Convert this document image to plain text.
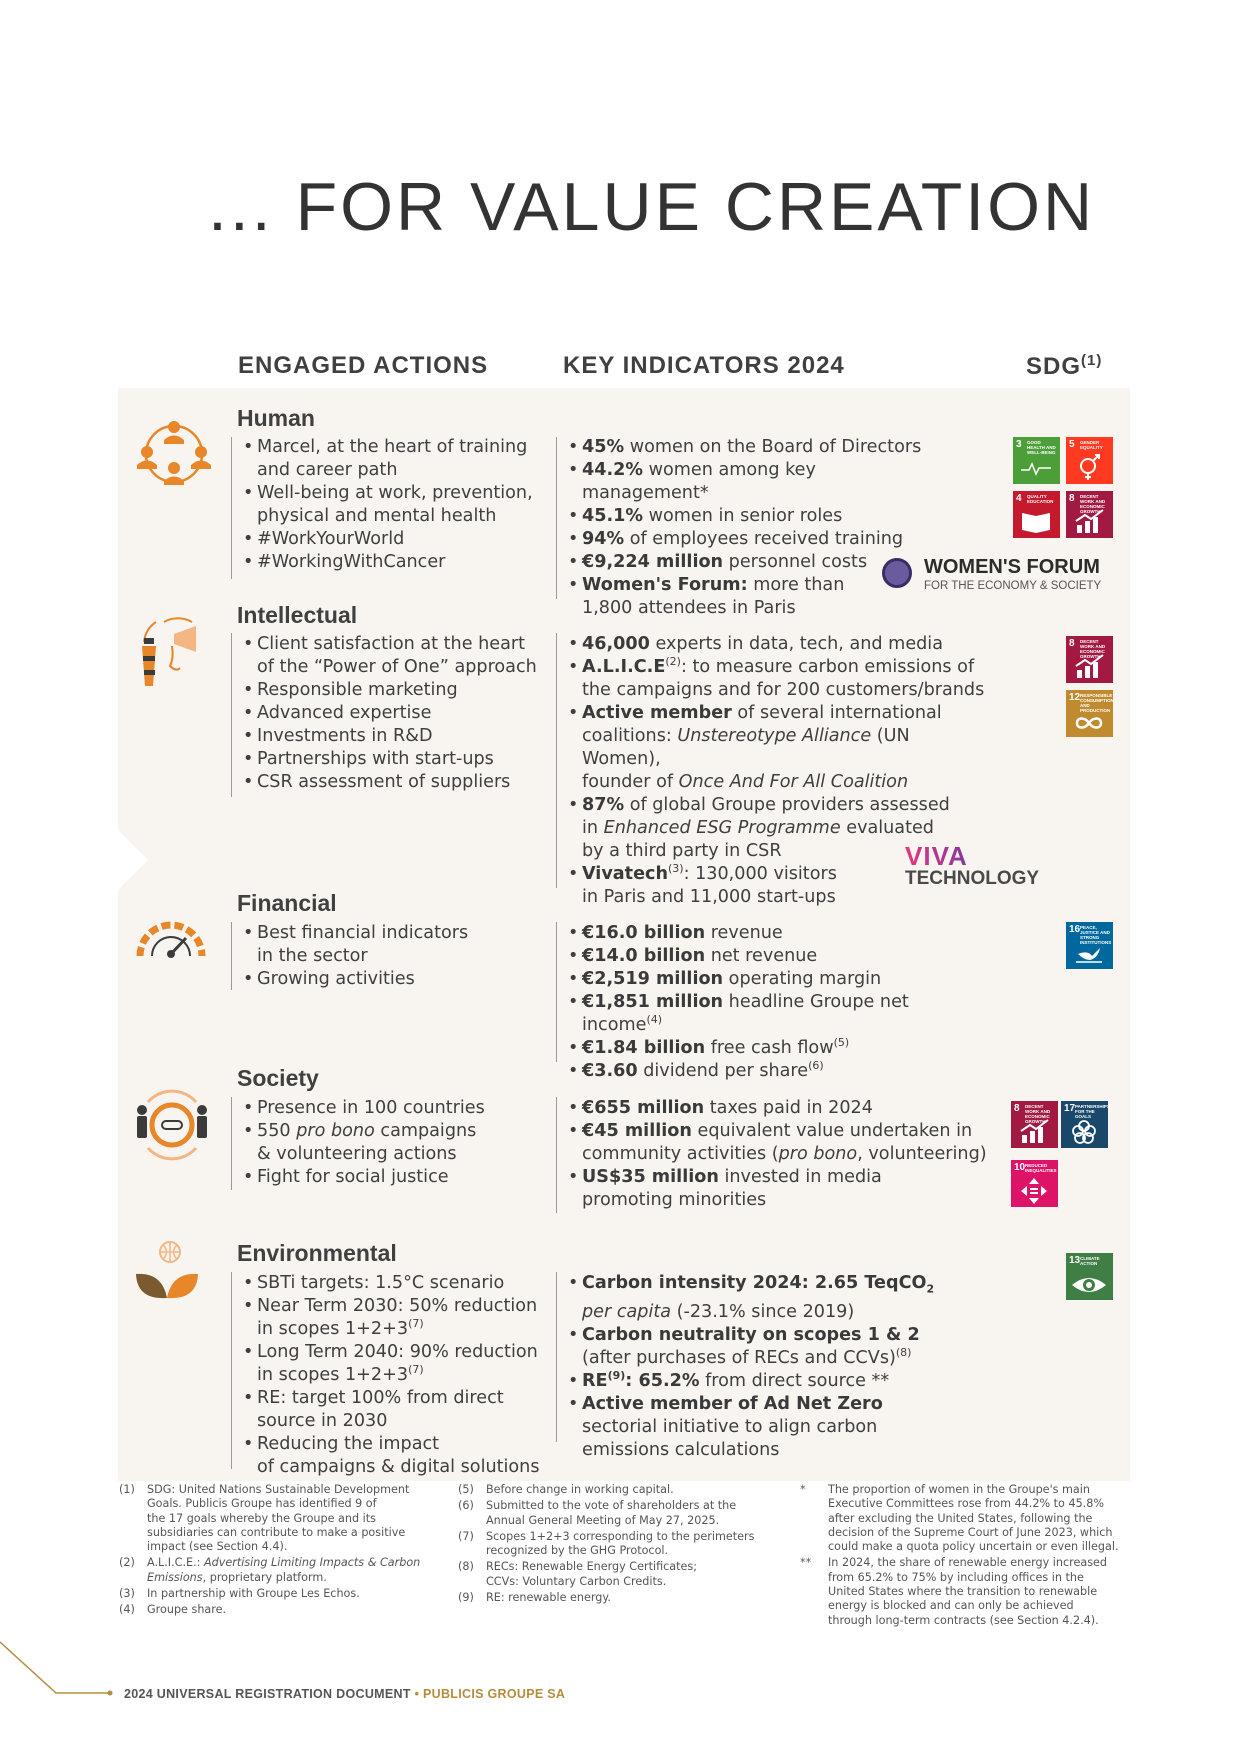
... FOR VALUE CREATION
ENGAGED ACTIONS	KEY INDICATORS 2024	SDG$^{(1)}$
Human
• Marcel, at the heart of training
and career path
• Well-being at work, prevention,
physical and mental health
• #WorkYourWorld
• #WorkingWithCancer
• 45% women on the Board of Directors
• 44.2% women among key management*
• 45.1% women in senior roles
• 94% of employees received training
• €9,224 million personnel costs
• Women's Forum: more than
1,800 attendees in Paris
WOMEN'S FORUM
FOR THE ECONOMY & SOCIETY
Intellectual
• Client satisfaction at the heart
of the “Power of One” approach
• Responsible marketing
• Advanced expertise
• Investments in R&D
• Partnerships with start-ups
• CSR assessment of suppliers
• 46,000 experts in data, tech, and media
• $A.L.I.C.E^{(2)}$: to measure carbon emissions of
the campaigns and for 200 customers/brands
• Active member of several international
coalitions: Unstereotype Alliance (UN Women),
founder of Once And For All Coalition
• 87% of global Groupe providers assessed
in Enhanced ESG Programme evaluated
by a third party in CSR
• Vivatech$^{(3)}$: 130,000 visitors
in Paris and 11,000 start-ups
VIVA
TECHNOLOGY
Financial
• Best financial indicators
in the sector
• Growing activities
• €16.0 billion revenue
• €14.0 billion net revenue
• €2,519 million operating margin
• €1,851 million headline Groupe net income$^{(4)}$
• €1.84 billion free cash flow$^{(5)}$
• €3.60 dividend per share$^{(6)}$
Society
• Presence in 100 countries
• 550 pro bono campaigns
& volunteering actions
• Fight for social justice
• €655 million taxes paid in 2024
• €45 million equivalent value undertaken in
community activities (pro bono, volunteering)
• US$35 million invested in media
promoting minorities
Environmental
• SBTi targets: 1.5°C scenario
• Near Term 2030: 50% reduction
in scopes $1+2+3^{(7)}$
• Long Term 2040: 90% reduction
in scopes $1+2+3^{(7)}$
• RE: target 100% from direct
source in 2030
• Reducing the impact
of campaigns & digital solutions
• Carbon intensity 2024: 2.65 TeqCO$_2$
per capita (-23.1% since 2019)
• Carbon neutrality on scopes 1 & 2
(after purchases of RECs and CCVs)$^{(8)}$
• RE$^{(9)}$: 65.2% from direct source **
• Active member of Ad Net Zero
sectorial initiative to align carbon
emissions calculations
3 GOOD HEALTH AND WELL-BEING
5 GENDER EQUALITY
4 QUALITY EDUCATION	8 DECENT WORK AND ECONOMIC GROWTH
8 DECENT WORK AND ECONOMIC GROWTH
12 RESPONSIBLE CONSUMPTION AND PRODUCTION
16 PEACE, JUSTICE AND STRONG INSTITUTIONS
8 DECENT WORK AND ECONOMIC GROWTH
17 PARTNERSHIPS FOR THE GOALS
10 REDUCED INEQUALITIES
13 CLIMATE ACTION
(1)	SDG: United Nations Sustainable Development
Goals. Publicis Groupe has identified 9 of
the 17 goals whereby the Groupe and its
subsidiaries can contribute to make a positive
impact (see Section 4.4).
(2)	A.L.I.C.E.: Advertising Limiting Impacts & Carbon
Emissions, proprietary platform.
(3)	In partnership with Groupe Les Echos.
(4)	Groupe share.
(5)	Before change in working capital.
(6)	Submitted to the vote of shareholders at the
Annual General Meeting of May 27, 2025.
(7)	Scopes 1+2+3 corresponding to the perimeters
recognized by the GHG Protocol.
(8)	RECs: Renewable Energy Certificates;
CCVs: Voluntary Carbon Credits.
(9)	RE: renewable energy.
*	The proportion of women in the Groupe's main
Executive Committees rose from 44.2% to 45.8%
after excluding the United States, following the
decision of the Supreme Court of June 2023, which
could make a quota policy uncertain or even illegal.
**	In 2024, the share of renewable energy increased
from 65.2% to 75% by including offices in the
United States where the transition to renewable
energy is blocked and can only be achieved
through long-term contracts (see Section 4.2.4).
2024 UNIVERSAL REGISTRATION DOCUMENT • PUBLICIS GROUPE SA
